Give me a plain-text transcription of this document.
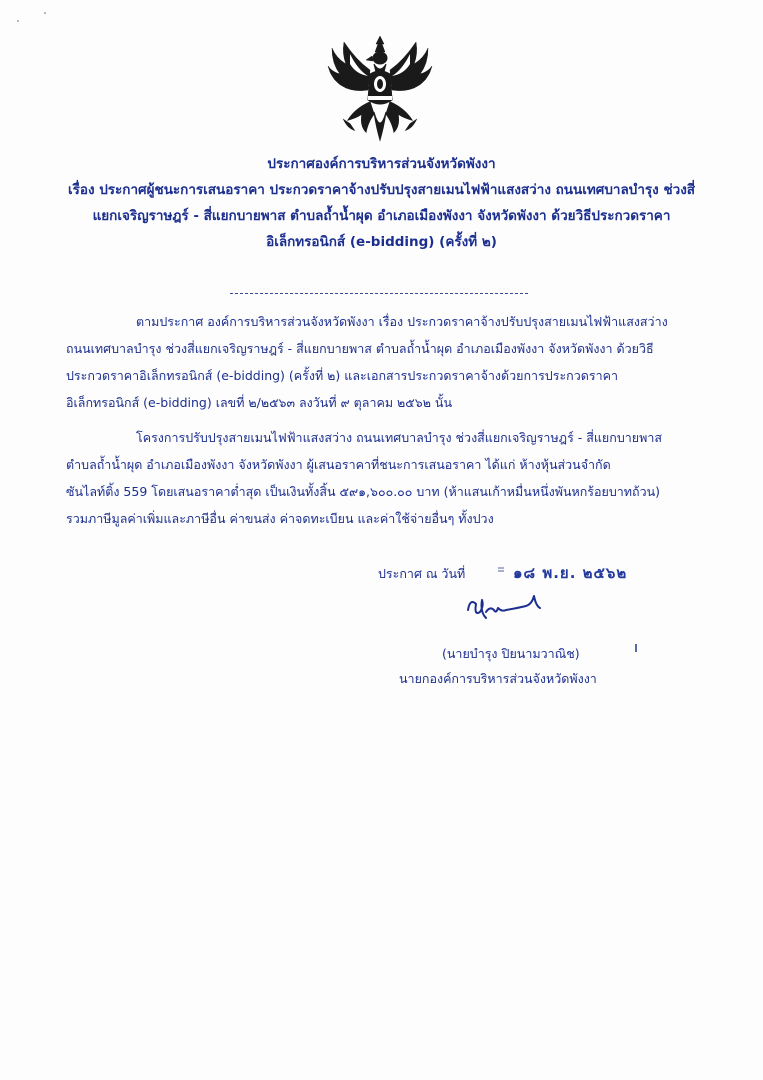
ประกาศองค์การบริหารส่วนจังหวัดพังงา
เรื่อง ประกาศผู้ชนะการเสนอราคา ประกวดราคาจ้างปรับปรุงสายเมนไฟฟ้าแสงสว่าง ถนนเทศบาลบำรุง ช่วงสี่
แยกเจริญราษฎร์ - สี่แยกบายพาส ตำบลถ้ำน้ำผุด อำเภอเมืองพังงา จังหวัดพังงา ด้วยวิธีประกวดราคา
อิเล็กทรอนิกส์ (e-bidding) (ครั้งที่ ๒)
ตามประกาศ องค์การบริหารส่วนจังหวัดพังงา เรื่อง ประกวดราคาจ้างปรับปรุงสายเมนไฟฟ้าแสงสว่าง
ถนนเทศบาลบำรุง ช่วงสี่แยกเจริญราษฎร์ - สี่แยกบายพาส ตำบลถ้ำน้ำผุด อำเภอเมืองพังงา จังหวัดพังงา ด้วยวิธี
ประกวดราคาอิเล็กทรอนิกส์ (e-bidding) (ครั้งที่ ๒) และเอกสารประกวดราคาจ้างด้วยการประกวดราคา
อิเล็กทรอนิกส์ (e-bidding) เลขที่ ๒/๒๕๖๓ ลงวันที่ ๙ ตุลาคม ๒๕๖๒ นั้น
โครงการปรับปรุงสายเมนไฟฟ้าแสงสว่าง ถนนเทศบาลบำรุง ช่วงสี่แยกเจริญราษฎร์ - สี่แยกบายพาส
ตำบลถ้ำน้ำผุด อำเภอเมืองพังงา จังหวัดพังงา ผู้เสนอราคาที่ชนะการเสนอราคา ได้แก่ ห้างหุ้นส่วนจำกัด
ซันไลท์ติ้ง 559 โดยเสนอราคาต่ำสุด เป็นเงินทั้งสิ้น ๕๙๑,๖๐๐.๐๐ บาท (ห้าแสนเก้าหมื่นหนึ่งพันหกร้อยบาทถ้วน)
รวมภาษีมูลค่าเพิ่มและภาษีอื่น ค่าขนส่ง ค่าจดทะเบียน และค่าใช้จ่ายอื่นๆ ทั้งปวง
ประกาศ ณ วันที่	๑๘ พ.ย. ๒๕๖๒
(นายบำรุง ปิยนามวาณิช)
นายกองค์การบริหารส่วนจังหวัดพังงา
